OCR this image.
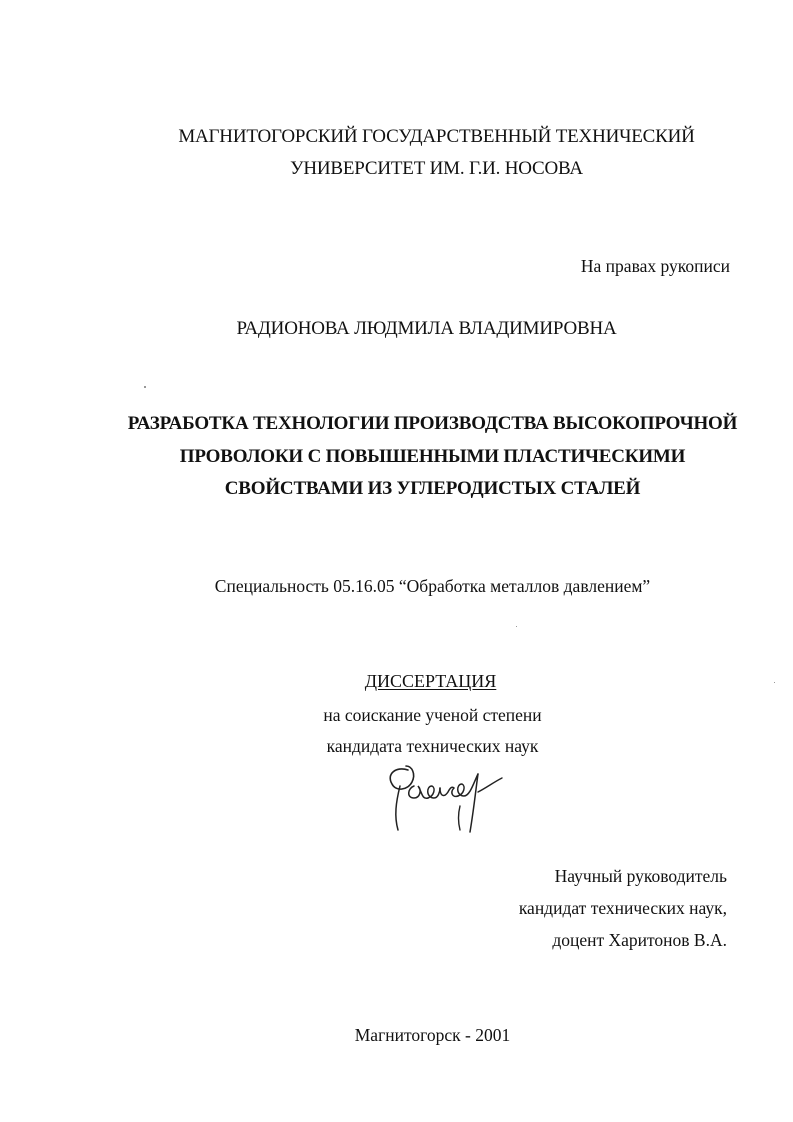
МАГНИТОГОРСКИЙ ГОСУДАРСТВЕННЫЙ ТЕХНИЧЕСКИЙ
УНИВЕРСИТЕТ ИМ. Г.И. НОСОВА
На правах рукописи
РАДИОНОВА ЛЮДМИЛА ВЛАДИМИРОВНА
РАЗРАБОТКА ТЕХНОЛОГИИ ПРОИЗВОДСТВА ВЫСОКОПРОЧНОЙ
ПРОВОЛОКИ С ПОВЫШЕННЫМИ ПЛАСТИЧЕСКИМИ
СВОЙСТВАМИ ИЗ УГЛЕРОДИСТЫХ СТАЛЕЙ
Специальность 05.16.05 “Обработка металлов давлением”
ДИССЕРТАЦИЯ
на соискание ученой степени
кандидата технических наук
Научный руководитель
кандидат технических наук,
доцент Харитонов В.А.
Магнитогорск - 2001
